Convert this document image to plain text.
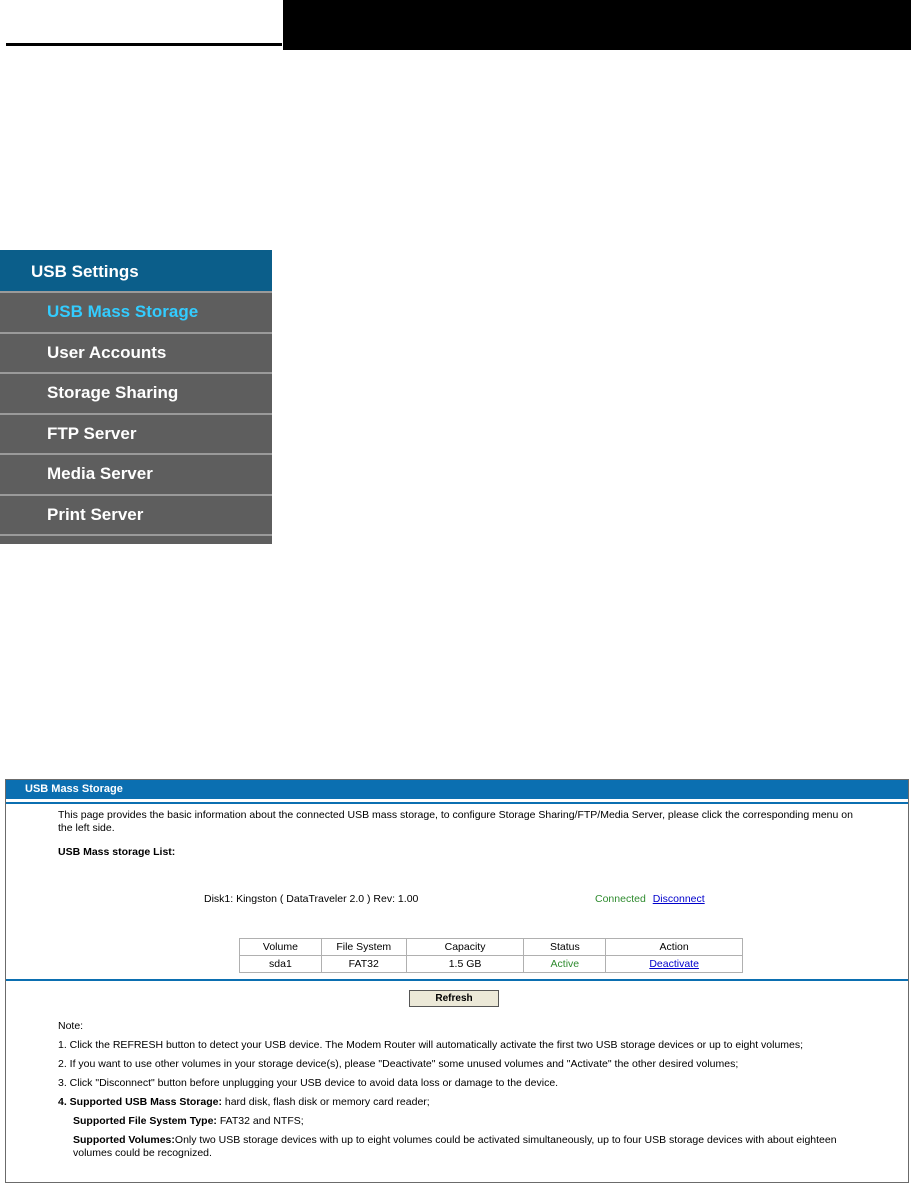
USB Settings
USB Mass Storage
User Accounts
Storage Sharing
FTP Server
Media Server
Print Server
USB Mass Storage
This page provides the basic information about the connected USB mass storage, to configure Storage Sharing/FTP/Media Server, please click the corresponding menu on the left side.
USB Mass storage List:
Disk1: Kingston ( DataTraveler 2.0 ) Rev: 1.00	Connected Disconnect
Volume	File System	Capacity	Status	Action
sda1	FAT32	1.5 GB	Active	Deactivate
Refresh

Note:

1. Click the REFRESH button to detect your USB device. The Modem Router will automatically activate the first two USB storage devices or up to eight volumes;

2. If you want to use other volumes in your storage device(s), please "Deactivate" some unused volumes and "Activate" the other desired volumes;

3. Click "Disconnect" button before unplugging your USB device to avoid data loss or damage to the device.

4. Supported USB Mass Storage: hard disk, flash disk or memory card reader;

Supported File System Type: FAT32 and NTFS;

Supported Volumes:Only two USB storage devices with up to eight volumes could be activated simultaneously, up to four USB storage devices with about eighteen volumes could be recognized.
